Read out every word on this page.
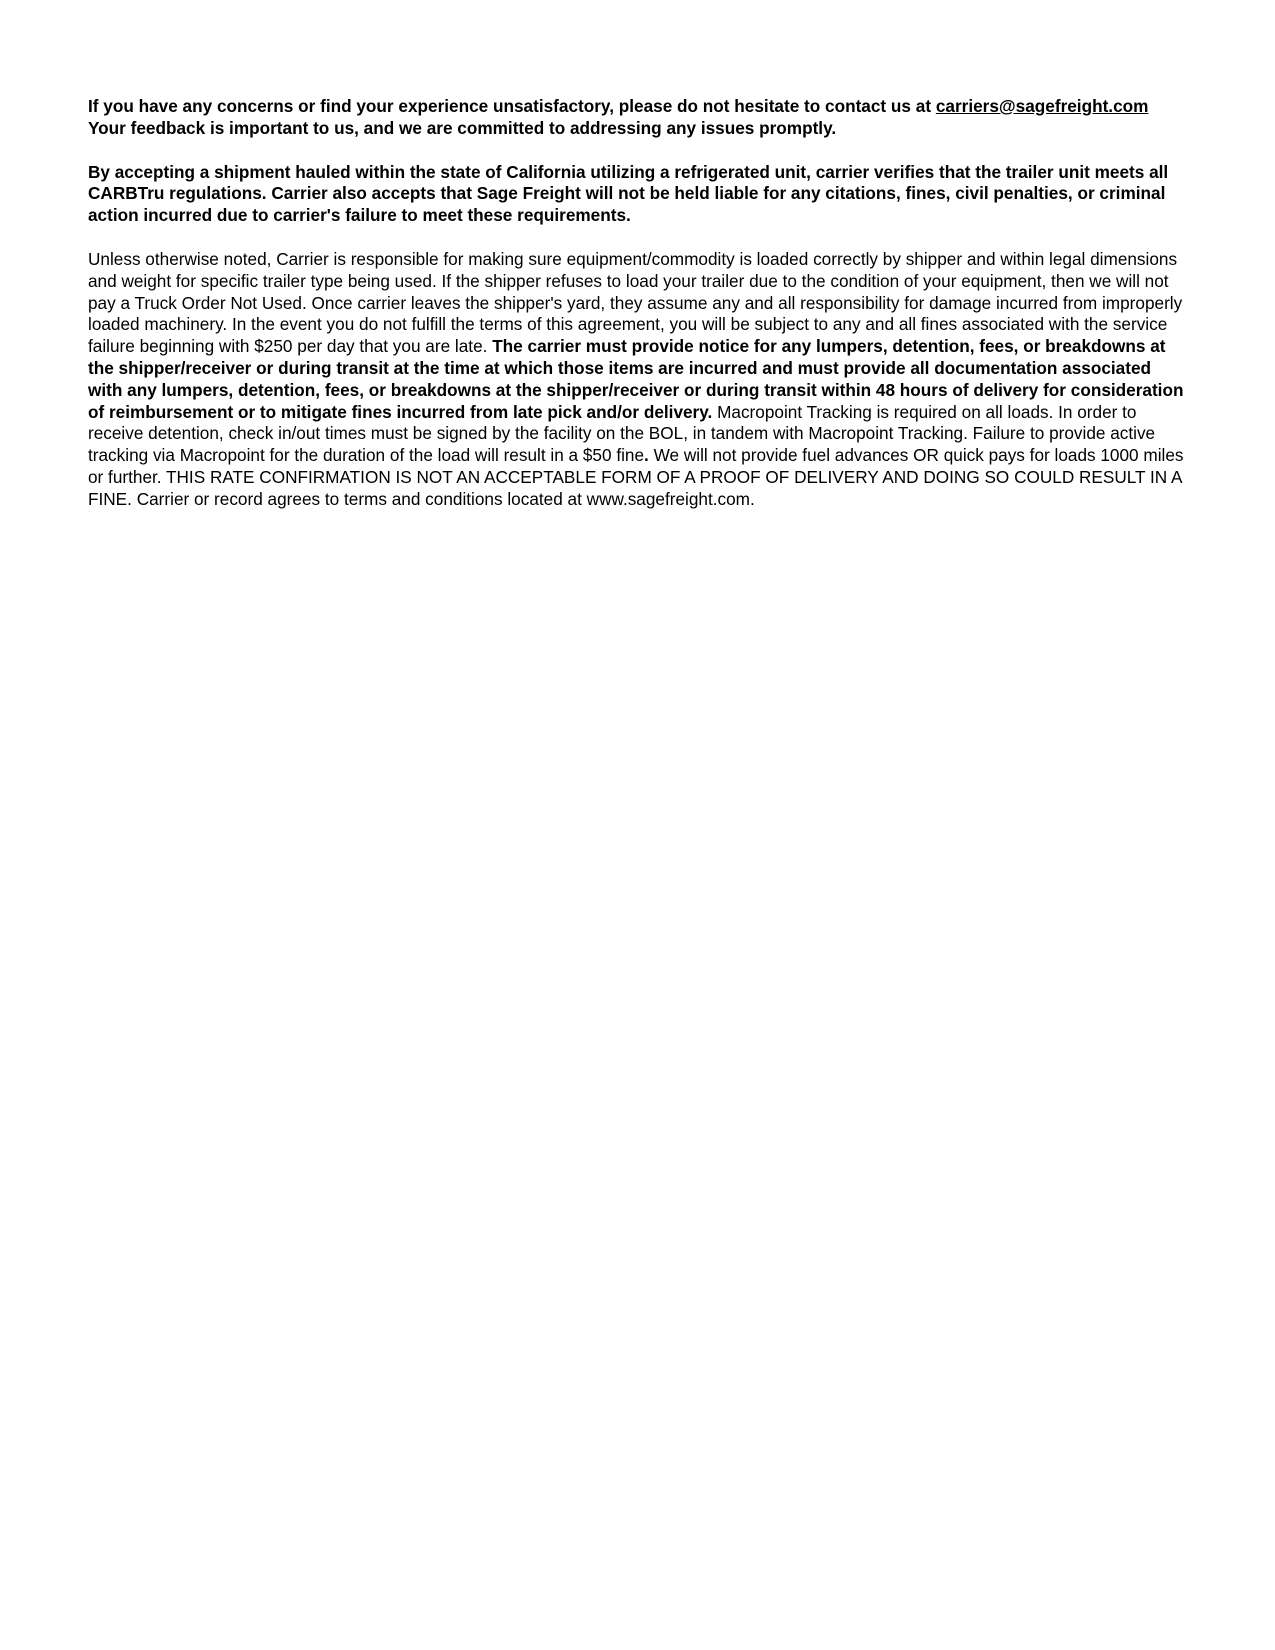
If you have any concerns or find your experience unsatisfactory, please do not hesitate to contact us at carriers@sagefreight.com Your feedback is important to us, and we are committed to addressing any issues promptly.

By accepting a shipment hauled within the state of California utilizing a refrigerated unit, carrier verifies that the trailer unit meets all CARBTru regulations. Carrier also accepts that Sage Freight will not be held liable for any citations, fines, civil penalties, or criminal action incurred due to carrier's failure to meet these requirements.

Unless otherwise noted, Carrier is responsible for making sure equipment/commodity is loaded correctly by shipper and within legal dimensions and weight for specific trailer type being used. If the shipper refuses to load your trailer due to the condition of your equipment, then we will not pay a Truck Order Not Used. Once carrier leaves the shipper's yard, they assume any and all responsibility for damage incurred from improperly loaded machinery. In the event you do not fulfill the terms of this agreement, you will be subject to any and all fines associated with the service failure beginning with $250 per day that you are late. The carrier must provide notice for any lumpers, detention, fees, or breakdowns at the shipper/receiver or during transit at the time at which those items are incurred and must provide all documentation associated with any lumpers, detention, fees, or breakdowns at the shipper/receiver or during transit within 48 hours of delivery for consideration of reimbursement or to mitigate fines incurred from late pick and/or delivery. Macropoint Tracking is required on all loads. In order to receive detention, check in/out times must be signed by the facility on the BOL, in tandem with Macropoint Tracking. Failure to provide active tracking via Macropoint for the duration of the load will result in a $50 fine. We will not provide fuel advances OR quick pays for loads 1000 miles or further. THIS RATE CONFIRMATION IS NOT AN ACCEPTABLE FORM OF A PROOF OF DELIVERY AND DOING SO COULD RESULT IN A FINE. Carrier or record agrees to terms and conditions located at www.sagefreight.com.
